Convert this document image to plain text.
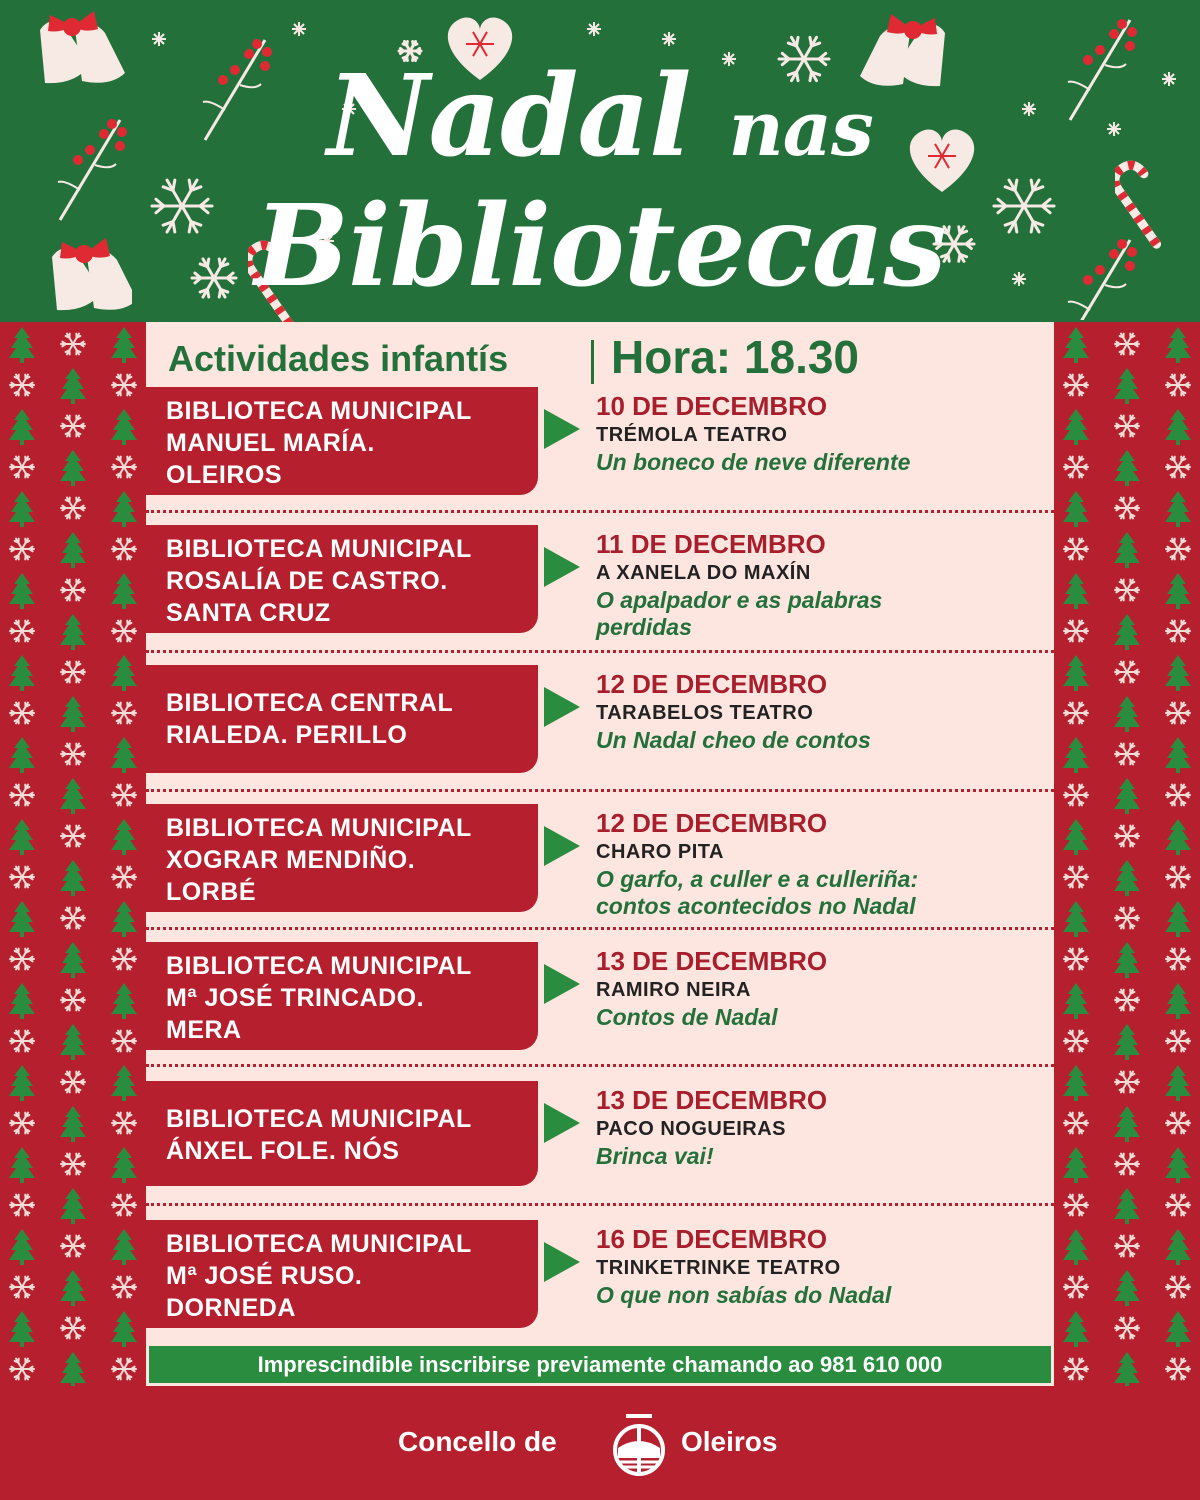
Nadal nas
Bibliotecas
Actividades infantís Hora: 18.30
BIBLIOTECA MUNICIPAL
MANUEL MARÍA.
OLEIROS
10 DE DECEMBRO
TRÉMOLA TEATRO
Un boneco de neve diferente
BIBLIOTECA MUNICIPAL
ROSALÍA DE CASTRO.
SANTA CRUZ
11 DE DECEMBRO
A XANELA DO MAXÍN
O apalpador e as palabras
perdidas
BIBLIOTECA CENTRAL
RIALEDA. PERILLO
12 DE DECEMBRO
TARABELOS TEATRO
Un Nadal cheo de contos
BIBLIOTECA MUNICIPAL
XOGRAR MENDIÑO.
LORBÉ
12 DE DECEMBRO
CHARO PITA
O garfo, a culler e a culleriña:
contos acontecidos no Nadal
BIBLIOTECA MUNICIPAL
Mª JOSÉ TRINCADO.
MERA
13 DE DECEMBRO
RAMIRO NEIRA
Contos de Nadal
BIBLIOTECA MUNICIPAL
ÁNXEL FOLE. NÓS
13 DE DECEMBRO
PACO NOGUEIRAS
Brinca vai!
BIBLIOTECA MUNICIPAL
Mª JOSÉ RUSO.
DORNEDA
16 DE DECEMBRO
TRINKETRINKE TEATRO
O que non sabías do Nadal
Imprescindible inscribirse previamente chamando ao 981 610 000
Concello de	Oleiros
